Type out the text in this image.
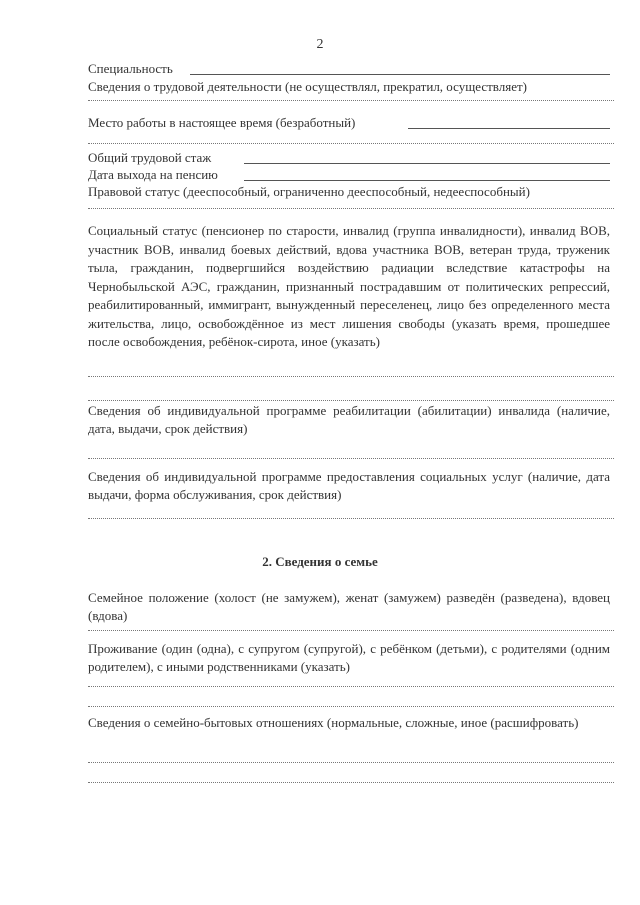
2
Специальность
Сведения о трудовой деятельности (не осуществлял, прекратил, осуществляет)
Место работы в настоящее время (безработный)
Общий трудовой стаж
Дата выхода на пенсию
Правовой статус (дееспособный, ограниченно дееспособный, недееспособный)
Социальный статус (пенсионер по старости, инвалид (группа инвалидности), инвалид ВОВ, участник ВОВ, инвалид боевых действий, вдова участника ВОВ, ветеран труда, труженик тыла, гражданин, подвергшийся воздействию радиации вследствие катастрофы на Чернобыльской АЭС, гражданин, признанный пострадавшим от политических репрессий, реабилитированный, иммигрант, вынужденный переселенец, лицо без определенного места жительства, лицо, освобождённое из мест лишения свободы (указать время, прошедшее после освобождения, ребёнок-сирота, иное (указать)
Сведения об индивидуальной программе реабилитации (абилитации) инвалида (наличие, дата, выдачи, срок действия)
Сведения об индивидуальной программе предоставления социальных услуг (наличие, дата выдачи, форма обслуживания, срок действия)
2. Сведения о семье
Семейное положение (холост (не замужем), женат (замужем) разведён (разведена), вдовец (вдова)
Проживание (один (одна), с супругом (супругой), с ребёнком (детьми), с родителями (одним родителем), с иными родственниками (указать)
Сведения о семейно-бытовых отношениях (нормальные, сложные, иное (расшифровать)
